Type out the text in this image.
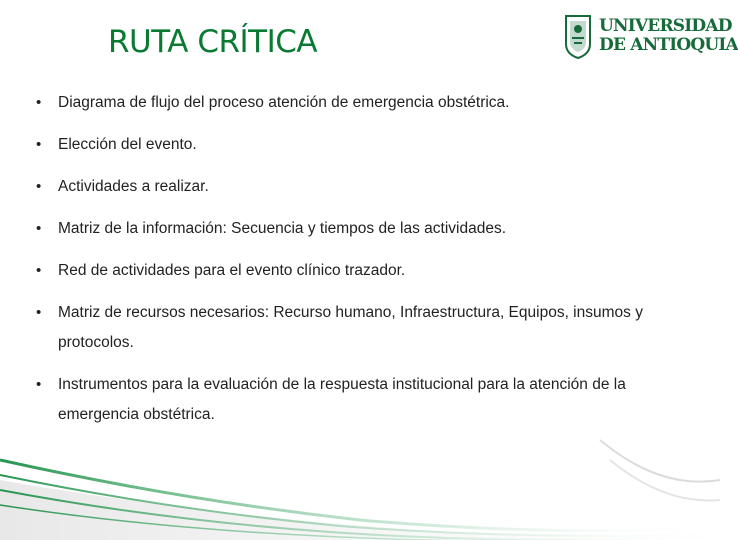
RUTA CRÍTICA	UNIVERSIDAD
DE ANTIOQUIA
• Diagrama de flujo del proceso atención de emergencia obstétrica.
• Elección del evento.
• Actividades a realizar.
• Matriz de la información: Secuencia y tiempos de las actividades.
• Red de actividades para el evento clínico trazador.
• Matriz de recursos necesarios: Recurso humano, Infraestructura, Equipos, insumos y protocolos.
• Instrumentos para la evaluación de la respuesta institucional para la atención de la emergencia obstétrica.
